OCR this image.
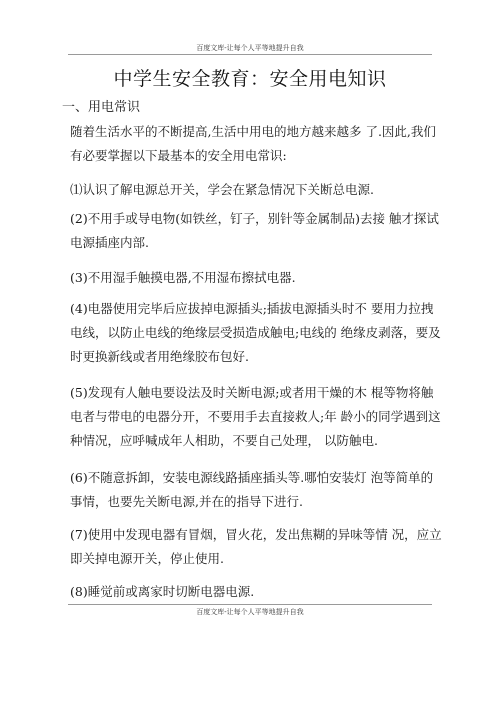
百度文库-让每个人平等地提升自我
中学生安全教育：安全用电知识
一、用电常识

随着生活水平的不断提高,生活中用电的地方越来越多 了.因此,我们有必要掌握以下最基本的安全用电常识:

⑴认识了解电源总开关，学会在紧急情况下关断总电源.

(2)不用手或导电物(如铁丝，钉子，别针等金属制品)去接 触才探试电源插座内部.

(3)不用湿手触摸电器,不用湿布擦拭电器.

(4)电器使用完毕后应拔掉电源插头;插拔电源插头时不 要用力拉拽电线，以防止电线的绝缘层受损造成触电;电线的 绝缘皮剥落，要及时更换新线或者用绝缘胶布包好.

(5)发现有人触电要设法及时关断电源;或者用干燥的木 棍等物将触电者与带电的电器分开，不要用手去直接救人;年 龄小的同学遇到这种情况，应呼喊成年人相助，不要自己处理， 以防触电.

(6)不随意拆卸，安装电源线路插座插头等.哪怕安装灯 泡等简单的事情，也要先关断电源,并在的指导下进行.

(7)使用中发现电器有冒烟，冒火花，发出焦糊的异味等情 况，应立即关掉电源开关，停止使用.

(8)睡觉前或离家时切断电器电源.

百度文库-让每个人平等地提升自我
